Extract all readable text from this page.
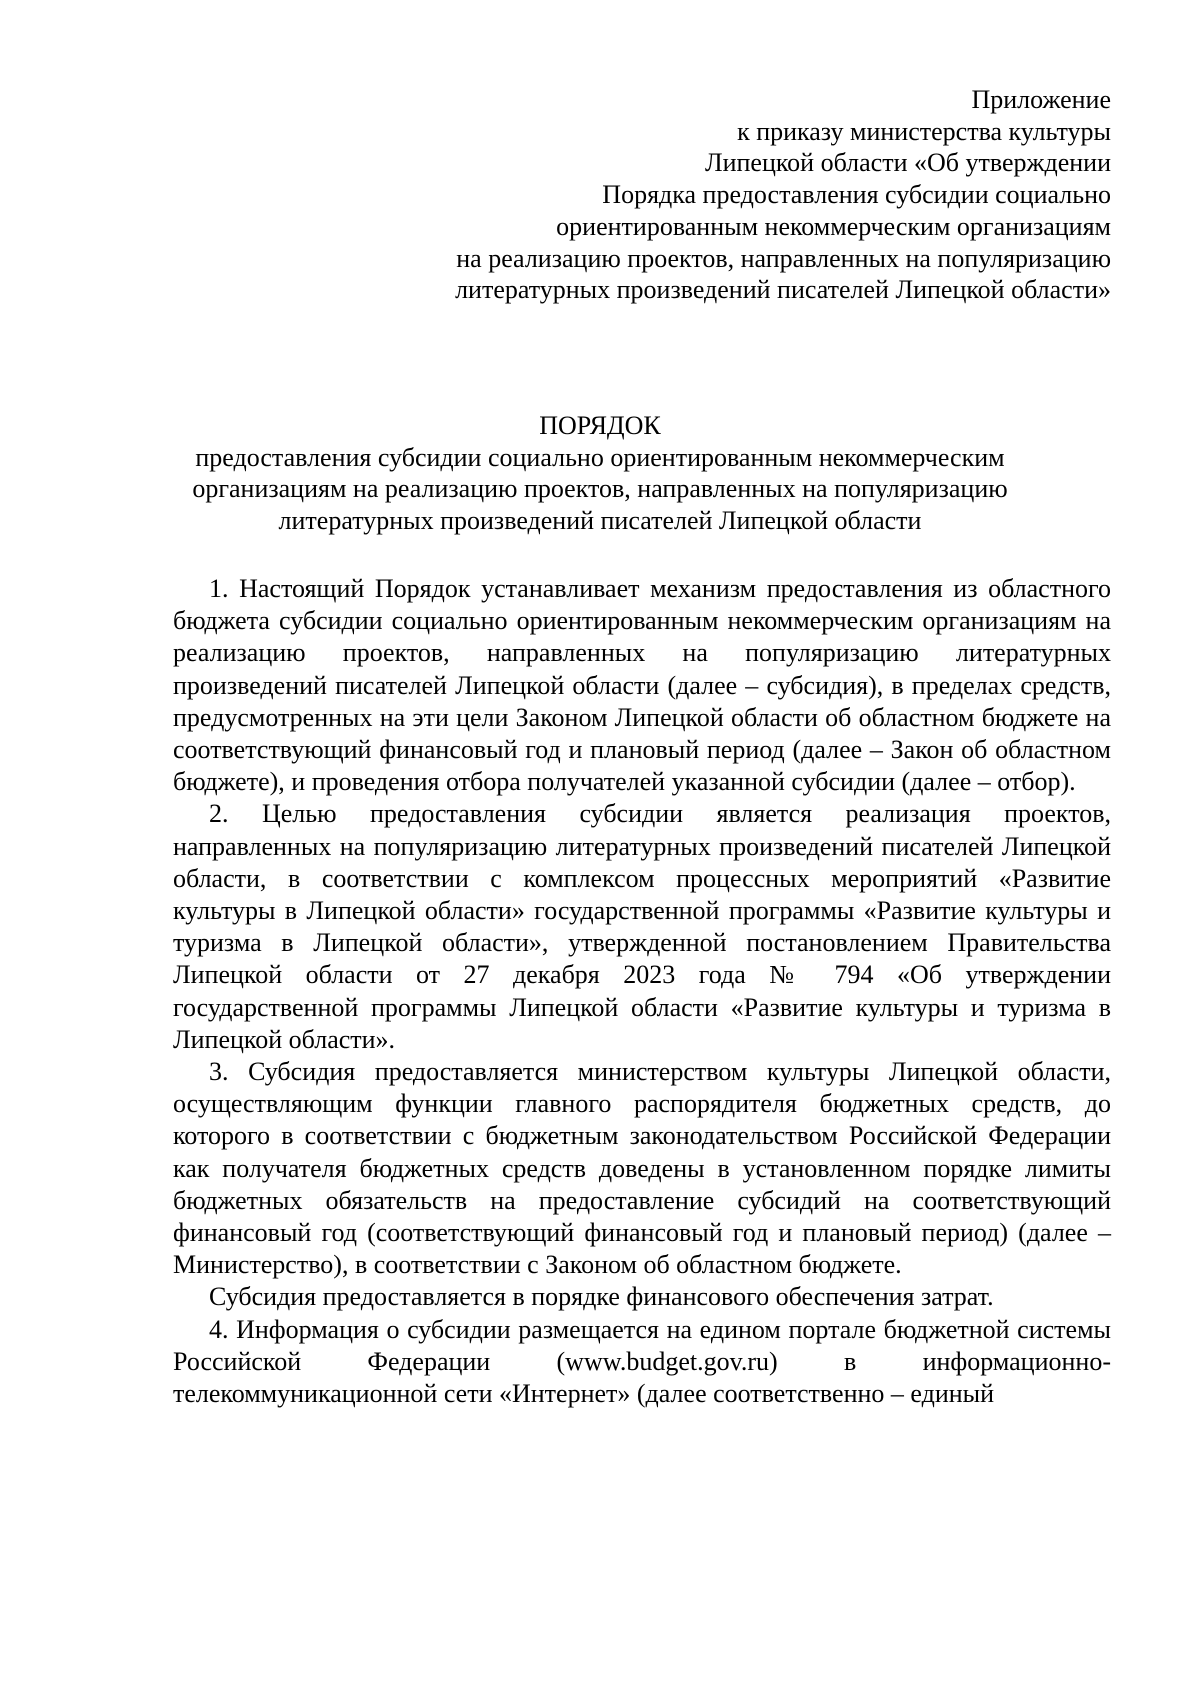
Приложение
к приказу министерства культуры
Липецкой области «Об утверждении
Порядка предоставления субсидии социально
ориентированным некоммерческим организациям
на реализацию проектов, направленных на популяризацию
литературных произведений писателей Липецкой области»
ПОРЯДОК
предоставления субсидии социально ориентированным некоммерческим
организациям на реализацию проектов, направленных на популяризацию
литературных произведений писателей Липецкой области

1. Настоящий Порядок устанавливает механизм предоставления из областного бюджета субсидии социально ориентированным некоммерческим организациям на реализацию проектов, направленных на популяризацию литературных произведений писателей Липецкой области (далее – субсидия), в пределах средств, предусмотренных на эти цели Законом Липецкой области об областном бюджете на соответствующий финансовый год и плановый период (далее – Закон об областном бюджете), и проведения отбора получателей указанной субсидии (далее – отбор).

2. Целью предоставления субсидии является реализация проектов, направленных на популяризацию литературных произведений писателей Липецкой области, в соответствии с комплексом процессных мероприятий «Развитие культуры в Липецкой области» государственной программы «Развитие культуры и туризма в Липецкой области», утвержденной постановлением Правительства Липецкой области от 27 декабря 2023 года № 794 «Об утверждении государственной программы Липецкой области «Развитие культуры и туризма в Липецкой области».

3. Субсидия предоставляется министерством культуры Липецкой области, осуществляющим функции главного распорядителя бюджетных средств, до которого в соответствии с бюджетным законодательством Российской Федерации как получателя бюджетных средств доведены в установленном порядке лимиты бюджетных обязательств на предоставление субсидий на соответствующий финансовый год (соответствующий финансовый год и плановый период) (далее – Министерство), в соответствии с Законом об областном бюджете.

Субсидия предоставляется в порядке финансового обеспечения затрат.

4. Информация о субсидии размещается на едином портале бюджетной системы Российской Федерации (www.budget.gov.ru) в информационно-телекоммуникационной сети «Интернет» (далее соответственно – единый
